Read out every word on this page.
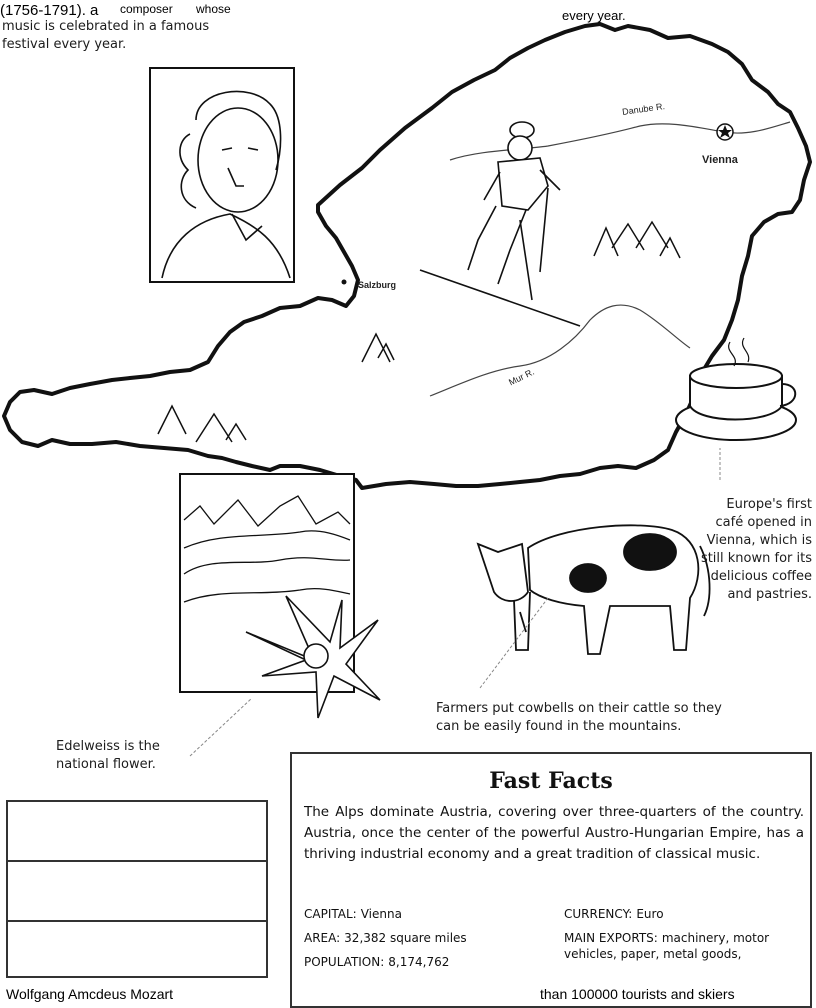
(1756-1791). a composer whose	every year.
music is celebrated in a famous festival every year.
Danube R.
Vienna
Salzburg
Mur R.
Europe's first café opened in Vienna, which is still known for its delicious coffee and pastries.
Farmers put cowbells on their cattle so they can be easily found in the mountains.
Edelweiss is the national flower.
Fast Facts
The Alps dominate Austria, covering over three-quarters of the country. Austria, once the center of the powerful Austro-Hungarian Empire, has a thriving industrial economy and a great tradition of classical music.
CAPITAL: Vienna
AREA: 32,382 square miles
POPULATION: 8,174,762
CURRENCY: Euro
MAIN EXPORTS: machinery, motor vehicles, paper, metal goods,
Wolfgang Amcdeus Mozart	than 100000 tourists and skiers
